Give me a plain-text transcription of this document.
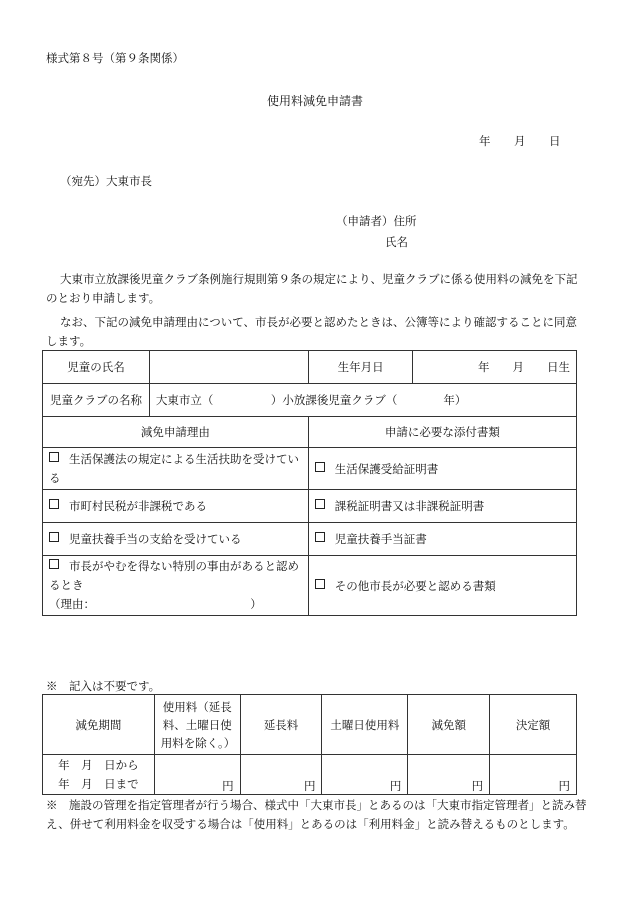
様式第８号（第９条関係）
使用料減免申請書
年 月 日
（宛先）大東市長
（申請者）住所
氏名
大東市立放課後児童クラブ条例施行規則第９条の規定により、児童クラブに係る使用料の減免を下記のとおり申請します。
なお、下記の減免申請理由について、市長が必要と認めたときは、公簿等により確認することに同意します。
児童の氏名		生年月日	年　　月　　日生
児童クラブの名称	大東市立（　　　　　）小放課後児童クラブ（　　　　年）		
減免申請理由		申請に必要な添付書類	
生活保護法の規定による生活扶助を受けている		生活保護受給証明書	
市町村民税が非課税である		課税証明書又は非課税証明書	
児童扶養手当の支給を受けている		児童扶養手当証書	
市長がやむを得ない特別の事由があると認めるとき
（理由：　　　　　　　　　　　　　　）		その他市長が必要と認める書類	
※　記入は不要です。
減免期間	使用料（延長料、土曜日使用料を除く。）	延長料	土曜日使用料	減免額	決定額
年　月　日から
年　月　日まで	円	円	円	円	円
※　施設の管理を指定管理者が行う場合、様式中「大東市長」とあるのは「大東市指定管理者」と読み替え、併せて利用料金を収受する場合は「使用料」とあるのは「利用料金」と読み替えるものとします。
